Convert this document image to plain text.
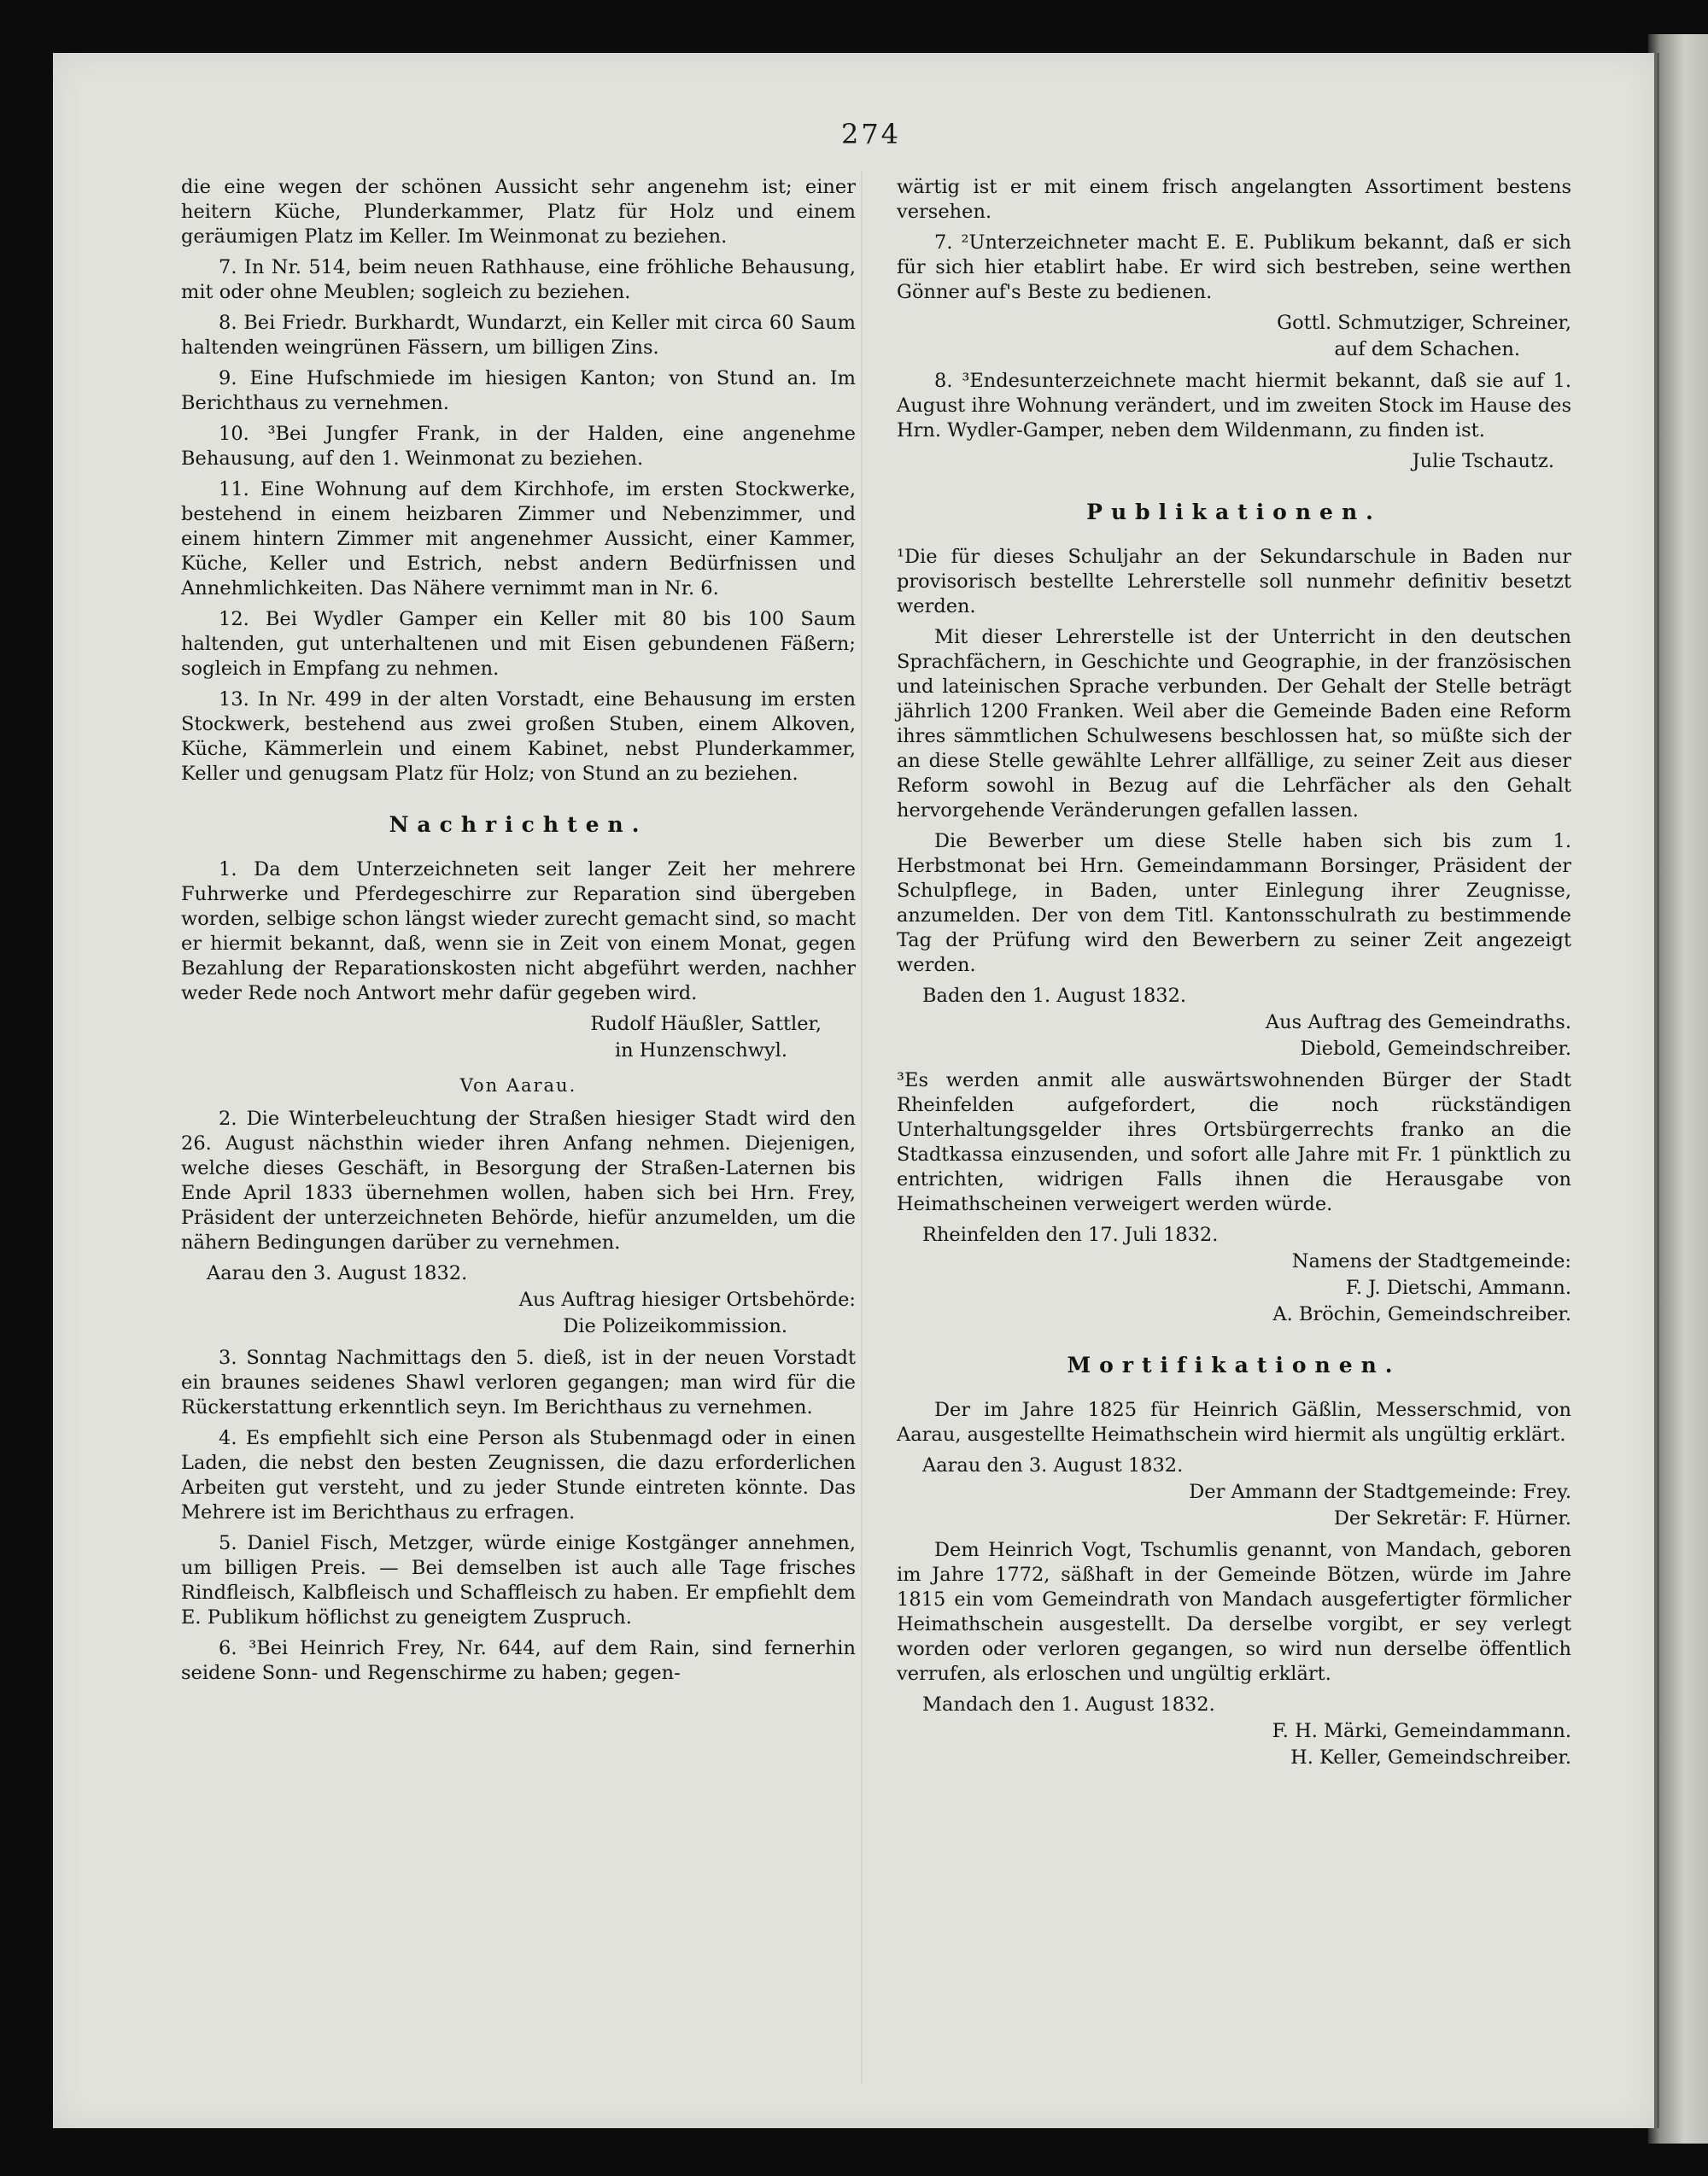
274

die eine wegen der schönen Aussicht sehr angenehm ist; einer heitern Küche, Plunderkammer, Platz für Holz und einem geräumigen Platz im Keller. Im Weinmonat zu beziehen.

7. In Nr. 514, beim neuen Rathhause, eine fröhliche Behausung, mit oder ohne Meublen; sogleich zu beziehen.

8. Bei Friedr. Burkhardt, Wundarzt, ein Keller mit circa 60 Saum haltenden weingrünen Fässern, um billigen Zins.

9. Eine Hufschmiede im hiesigen Kanton; von Stund an. Im Berichthaus zu vernehmen.

10. ³Bei Jungfer Frank, in der Halden, eine angenehme Behausung, auf den 1. Weinmonat zu beziehen.

11. Eine Wohnung auf dem Kirchhofe, im ersten Stockwerke, bestehend in einem heizbaren Zimmer und Nebenzimmer, und einem hintern Zimmer mit angenehmer Aussicht, einer Kammer, Küche, Keller und Estrich, nebst andern Bedürfnissen und Annehmlichkeiten. Das Nähere vernimmt man in Nr. 6.

12. Bei Wydler Gamper ein Keller mit 80 bis 100 Saum haltenden, gut unterhaltenen und mit Eisen gebundenen Fäßern; sogleich in Empfang zu nehmen.

13. In Nr. 499 in der alten Vorstadt, eine Behausung im ersten Stockwerk, bestehend aus zwei großen Stuben, einem Alkoven, Küche, Kämmerlein und einem Kabinet, nebst Plunderkammer, Keller und genugsam Platz für Holz; von Stund an zu beziehen.

Nachrichten.

1. Da dem Unterzeichneten seit langer Zeit her mehrere Fuhrwerke und Pferdegeschirre zur Reparation sind übergeben worden, selbige schon längst wieder zurecht gemacht sind, so macht er hiermit bekannt, daß, wenn sie in Zeit von einem Monat, gegen Bezahlung der Reparationskosten nicht abgeführt werden, nachher weder Rede noch Antwort mehr dafür gegeben wird.

Rudolf Häußler, Sattler,

in Hunzenschwyl.

Von Aarau.

2. Die Winterbeleuchtung der Straßen hiesiger Stadt wird den 26. August nächsthin wieder ihren Anfang nehmen. Diejenigen, welche dieses Geschäft, in Besorgung der Straßen-Laternen bis Ende April 1833 übernehmen wollen, haben sich bei Hrn. Frey, Präsident der unterzeichneten Behörde, hiefür anzumelden, um die nähern Bedingungen darüber zu vernehmen.

Aarau den 3. August 1832.

Aus Auftrag hiesiger Ortsbehörde:

Die Polizeikommission.

3. Sonntag Nachmittags den 5. dieß, ist in der neuen Vorstadt ein braunes seidenes Shawl verloren gegangen; man wird für die Rückerstattung erkenntlich seyn. Im Berichthaus zu vernehmen.

4. Es empfiehlt sich eine Person als Stubenmagd oder in einen Laden, die nebst den besten Zeugnissen, die dazu erforderlichen Arbeiten gut versteht, und zu jeder Stunde eintreten könnte. Das Mehrere ist im Berichthaus zu erfragen.

5. Daniel Fisch, Metzger, würde einige Kostgänger annehmen, um billigen Preis. — Bei demselben ist auch alle Tage frisches Rindfleisch, Kalbfleisch und Schaffleisch zu haben. Er empfiehlt dem E. Publikum höflichst zu geneigtem Zuspruch.

6. ³Bei Heinrich Frey, Nr. 644, auf dem Rain, sind fernerhin seidene Sonn- und Regenschirme zu haben; gegen-

wärtig ist er mit einem frisch angelangten Assortiment bestens versehen.

7. ²Unterzeichneter macht E. E. Publikum bekannt, daß er sich für sich hier etablirt habe. Er wird sich bestreben, seine werthen Gönner auf's Beste zu bedienen.

Gottl. Schmutziger, Schreiner,

auf dem Schachen.

8. ³Endesunterzeichnete macht hiermit bekannt, daß sie auf 1. August ihre Wohnung verändert, und im zweiten Stock im Hause des Hrn. Wydler-Gamper, neben dem Wildenmann, zu finden ist.

Julie Tschautz.

Publikationen.

¹Die für dieses Schuljahr an der Sekundarschule in Baden nur provisorisch bestellte Lehrerstelle soll nunmehr definitiv besetzt werden.

Mit dieser Lehrerstelle ist der Unterricht in den deutschen Sprachfächern, in Geschichte und Geographie, in der französischen und lateinischen Sprache verbunden. Der Gehalt der Stelle beträgt jährlich 1200 Franken. Weil aber die Gemeinde Baden eine Reform ihres sämmtlichen Schulwesens beschlossen hat, so müßte sich der an diese Stelle gewählte Lehrer allfällige, zu seiner Zeit aus dieser Reform sowohl in Bezug auf die Lehrfächer als den Gehalt hervorgehende Veränderungen gefallen lassen.

Die Bewerber um diese Stelle haben sich bis zum 1. Herbstmonat bei Hrn. Gemeindammann Borsinger, Präsident der Schulpflege, in Baden, unter Einlegung ihrer Zeugnisse, anzumelden. Der von dem Titl. Kantonsschulrath zu bestimmende Tag der Prüfung wird den Bewerbern zu seiner Zeit angezeigt werden.

Baden den 1. August 1832.

Aus Auftrag des Gemeindraths.

Diebold, Gemeindschreiber.

³Es werden anmit alle auswärtswohnenden Bürger der Stadt Rheinfelden aufgefordert, die noch rückständigen Unterhaltungsgelder ihres Ortsbürgerrechts franko an die Stadtkassa einzusenden, und sofort alle Jahre mit Fr. 1 pünktlich zu entrichten, widrigen Falls ihnen die Herausgabe von Heimathscheinen verweigert werden würde.

Rheinfelden den 17. Juli 1832.

Namens der Stadtgemeinde:

F. J. Dietschi, Ammann.

A. Bröchin, Gemeindschreiber.

Mortifikationen.

Der im Jahre 1825 für Heinrich Gäßlin, Messerschmid, von Aarau, ausgestellte Heimathschein wird hiermit als ungültig erklärt.

Aarau den 3. August 1832.

Der Ammann der Stadtgemeinde: Frey.

Der Sekretär: F. Hürner.

Dem Heinrich Vogt, Tschumlis genannt, von Mandach, geboren im Jahre 1772, säßhaft in der Gemeinde Bötzen, würde im Jahre 1815 ein vom Gemeindrath von Mandach ausgefertigter förmlicher Heimathschein ausgestellt. Da derselbe vorgibt, er sey verlegt worden oder verloren gegangen, so wird nun derselbe öffentlich verrufen, als erloschen und ungültig erklärt.

Mandach den 1. August 1832.

F. H. Märki, Gemeindammann.

H. Keller, Gemeindschreiber.
